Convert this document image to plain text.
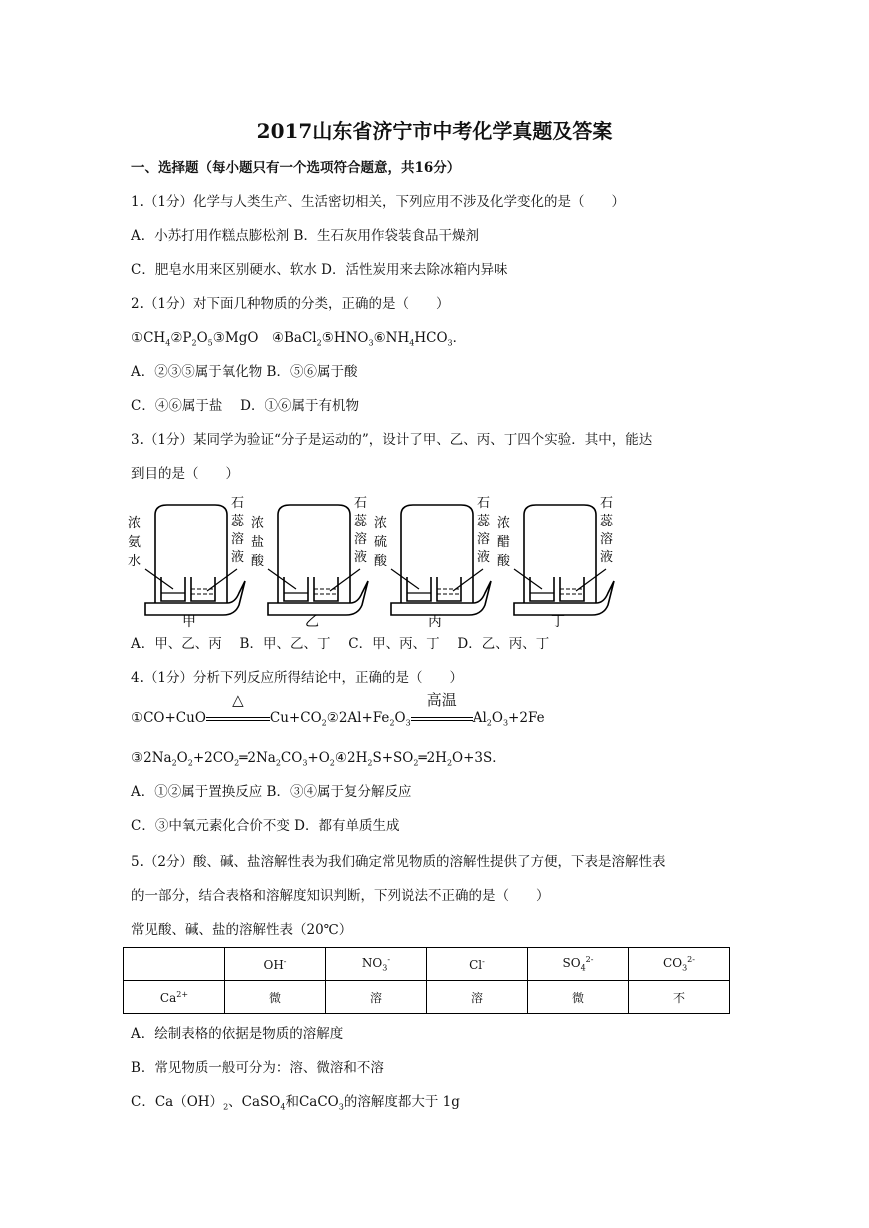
2017山东省济宁市中考化学真题及答案
一、选择题（每小题只有一个选项符合题意，共16分）
1.（1分）化学与人类生产、生活密切相关，下列应用不涉及化学变化的是（　　）
A．小苏打用作糕点膨松剂 B．生石灰用作袋装食品干燥剂
C．肥皂水用来区别硬水、软水 D．活性炭用来去除冰箱内异味
2.（1分）对下面几种物质的分类，正确的是（　　）
$①CH_4②P_2O_5③MgO$　$④BaCl_2⑤HNO_3⑥NH_4HCO_3$．
A．②③⑤属于氧化物 B．⑤⑥属于酸
C．④⑥属于盐　 D．①⑥属于有机物
3.（1分）某同学为验证“分子是运动的”，设计了甲、乙、丙、丁四个实验．其中，能达
到目的是（　　）
浓
氨
水
石
蕊
溶
液
甲
浓
盐
酸
石
蕊
溶
液
乙
浓
硫
酸
石
蕊
溶
液
丙
浓
醋
酸
石
蕊
溶
液
丁
A．甲、乙、丙　 B．甲、乙、丁　 C．甲、丙、丁　 D．乙、丙、丁
4.（1分）分析下列反应所得结论中，正确的是（　　）
①CO+CuO
△
$Cu+CO_2②2Al+Fe_2O_3$
高温
$Al_2O_3+2Fe$
$③2Na_2O_2+2CO_2═2Na_2CO_3+O_2④2H_2S+SO_2═2H_2O+3S$．
A．①②属于置换反应 B．③④属于复分解反应
C．③中氧元素化合价不变 D．都有单质生成
5.（2分）酸、碱、盐溶解性表为我们确定常见物质的溶解性提供了方便，下表是溶解性表
的一部分，结合表格和溶解度知识判断，下列说法不正确的是（　　）
常见酸、碱、盐的溶解性表（20℃）
	OH-	$NO_3^-$	Cl-	$SO_4^{2-}$	$CO_3^{2-}$
$Ca^{2+}$	微	溶	溶	微	不
A．绘制表格的依据是物质的溶解度
B．常见物质一般可分为：溶、微溶和不溶
C．$Ca(OH)_2$、CaSO$_4$和CaCO$_3$的溶解度都大于 1g
